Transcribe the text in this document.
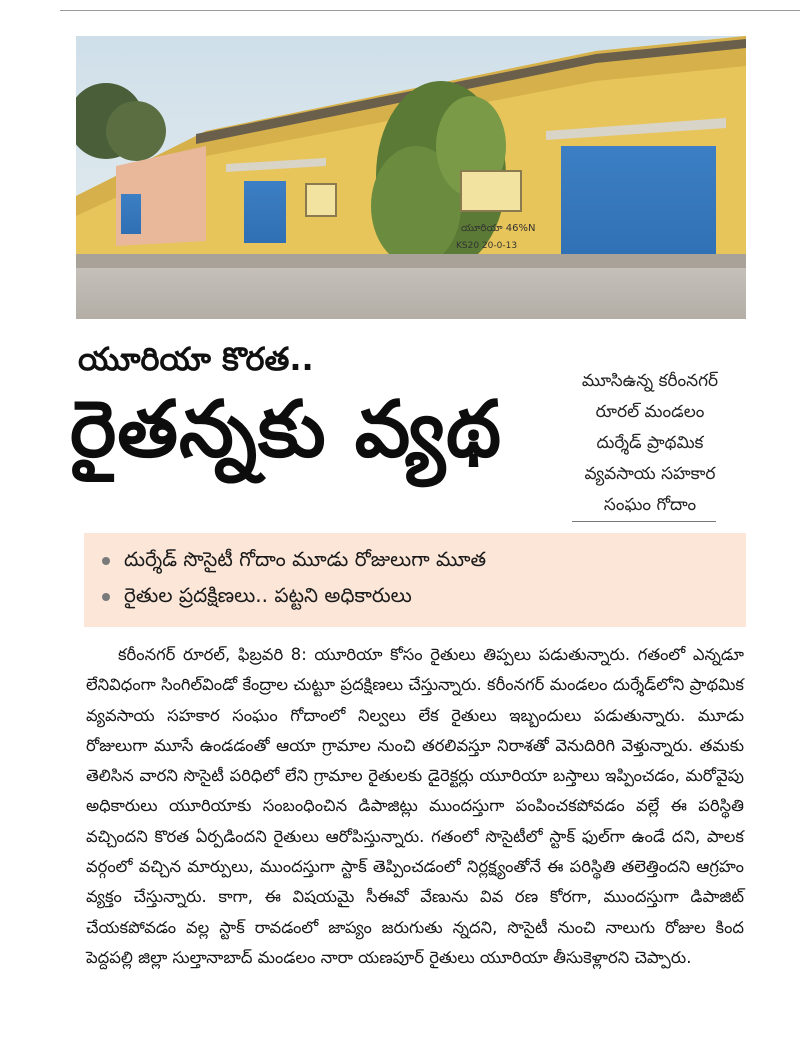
యూరియా 46%N
KS20 20-0-13
యూరియా కొరత..
రైతన్నకు వ్యథ
మూసిఉన్న కరీంనగర్
రూరల్ మండలం
దుర్శేడ్ ప్రాథమిక
వ్యవసాయ సహకార
సంఘం గోదాం
దుర్శేడ్ సొసైటీ గోదాం మూడు రోజులుగా మూత
రైతుల ప్రదక్షిణలు.. పట్టని అధికారులు

కరీంనగర్ రూరల్, ఫిబ్రవరి 8: యూరియా కోసం రైతులు తిప్పలు పడుతున్నారు. గతంలో ఎన్నడూ లేనివిధంగా సింగిల్‌విండో కేంద్రాల చుట్టూ ప్రదక్షిణలు చేస్తున్నారు. కరీంనగర్ మండలం దుర్శేడ్‌లోని ప్రాథమిక వ్యవసాయ సహకార సంఘం గోదాంలో నిల్వలు లేక రైతులు ఇబ్బందులు పడుతున్నారు. మూడు రోజులుగా మూసే ఉండడంతో ఆయా గ్రామాల నుంచి తరలివస్తూ నిరాశతో వెనుదిరిగి వెళ్తున్నారు. తమకు తెలిసిన వారని సొసైటీ పరిధిలో లేని గ్రామాల రైతులకు డైరెక్టర్లు యూరియా బస్తాలు ఇప్పించడం, మరోవైపు అధికారులు యూరియాకు సంబంధించిన డిపాజిట్లు ముందస్తుగా పంపించకపోవడం వల్లే ఈ పరిస్థితి వచ్చిందని కొరత ఏర్పడిందని రైతులు ఆరోపిస్తున్నారు. గతంలో సొసైటీలో స్టాక్ ఫుల్‌గా ఉండే దని, పాలక వర్గంలో వచ్చిన మార్పులు, ముందస్తుగా స్టాక్ తెప్పించడంలో నిర్లక్ష్యంతోనే ఈ పరిస్థితి తలెత్తిందని ఆగ్రహం వ్యక్తం చేస్తున్నారు. కాగా, ఈ విషయమై సీఈవో వేణును వివ రణ కోరగా, ముందస్తుగా డిపాజిట్ చేయకపోవడం వల్ల స్టాక్ రావడంలో జాప్యం జరుగుతు న్నదని, సొసైటీ నుంచి నాలుగు రోజుల కింద పెద్దపల్లి జిల్లా సుల్తానాబాద్ మండలం నారా యణపూర్ రైతులు యూరియా తీసుకెళ్లారని చెప్పారు.
